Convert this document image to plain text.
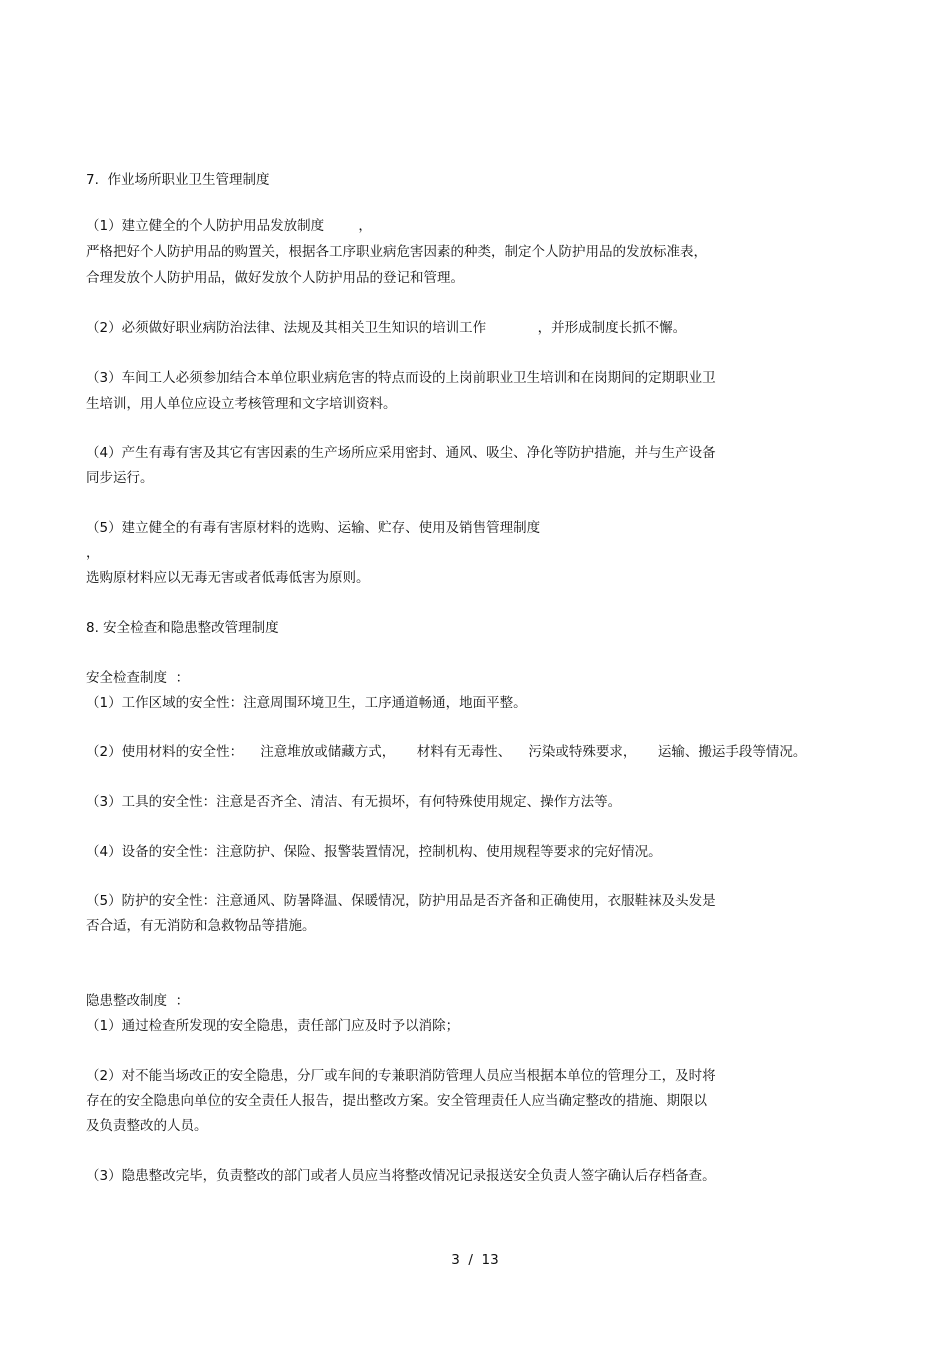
7.  作业场所职业卫生管理制度

（1）建立健全的个人防护用品发放制度        ，

严格把好个人防护用品的购置关，根据各工序职业病危害因素的种类，制定个人防护用品的发放标准表，

合理发放个人防护用品，做好发放个人防护用品的登记和管理。

（2）必须做好职业病防治法律、法规及其相关卫生知识的培训工作            ，并形成制度长抓不懈。

（3）车间工人必须参加结合本单位职业病危害的特点而设的上岗前职业卫生培训和在岗期间的定期职业卫

生培训，用人单位应设立考核管理和文字培训资料。

（4）产生有毒有害及其它有害因素的生产场所应采用密封、通风、吸尘、净化等防护措施，并与生产设备

同步运行。

（5）建立健全的有毒有害原材料的选购、运输、贮存、使用及销售管理制度

，

选购原材料应以无毒无害或者低毒低害为原则。

8. 安全检查和隐患整改管理制度

安全检查制度  ：

（1）工作区域的安全性：注意周围环境卫生，工序通道畅通，地面平整。

（2）使用材料的安全性：    注意堆放或储藏方式，     材料有无毒性、    污染或特殊要求，     运输、搬运手段等情况。

（3）工具的安全性：注意是否齐全、清洁、有无损坏，有何特殊使用规定、操作方法等。

（4）设备的安全性：注意防护、保险、报警装置情况，控制机构、使用规程等要求的完好情况。

（5）防护的安全性：注意通风、防暑降温、保暖情况，防护用品是否齐备和正确使用，衣服鞋袜及头发是

否合适，有无消防和急救物品等措施。

隐患整改制度  ：

（1）通过检查所发现的安全隐患，责任部门应及时予以消除；

（2）对不能当场改正的安全隐患，分厂或车间的专兼职消防管理人员应当根据本单位的管理分工，及时将

存在的安全隐患向单位的安全责任人报告，提出整改方案。安全管理责任人应当确定整改的措施、期限以

及负责整改的人员。

（3）隐患整改完毕，负责整改的部门或者人员应当将整改情况记录报送安全负责人签字确认后存档备查。

3  /  13
